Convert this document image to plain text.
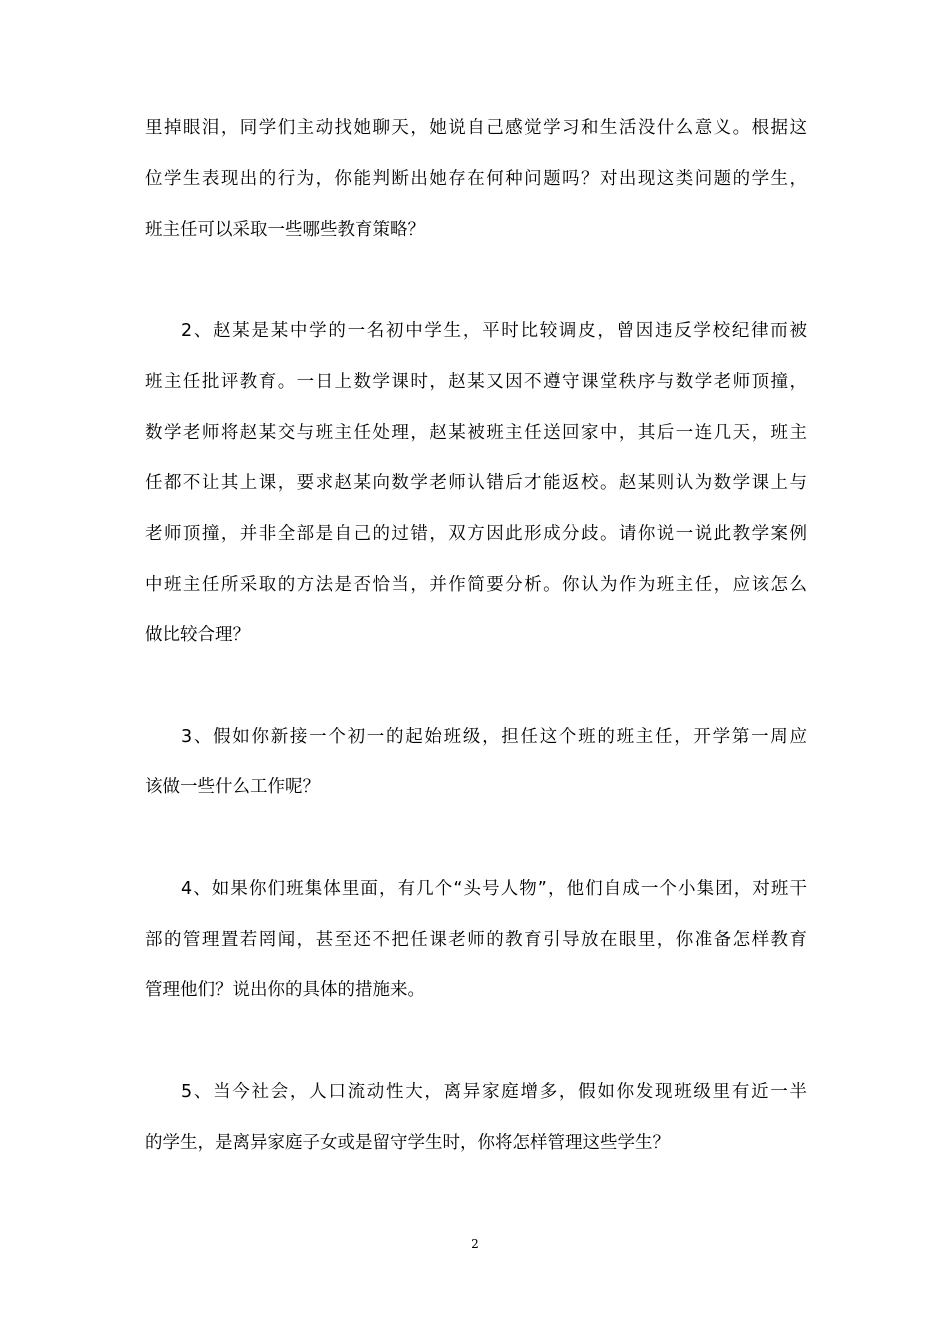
里掉眼泪，同学们主动找她聊天，她说自己感觉学习和生活没什么意义。根据这
位学生表现出的行为，你能判断出她存在何种问题吗？对出现这类问题的学生，
班主任可以采取一些哪些教育策略？
2、赵某是某中学的一名初中学生，平时比较调皮，曾因违反学校纪律而被
班主任批评教育。一日上数学课时，赵某又因不遵守课堂秩序与数学老师顶撞，
数学老师将赵某交与班主任处理，赵某被班主任送回家中，其后一连几天，班主
任都不让其上课，要求赵某向数学老师认错后才能返校。赵某则认为数学课上与
老师顶撞，并非全部是自己的过错，双方因此形成分歧。请你说一说此教学案例
中班主任所采取的方法是否恰当，并作简要分析。你认为作为班主任，应该怎么
做比较合理？
3、假如你新接一个初一的起始班级，担任这个班的班主任，开学第一周应
该做一些什么工作呢？
4、如果你们班集体里面，有几个“头号人物”，他们自成一个小集团，对班干
部的管理置若罔闻，甚至还不把任课老师的教育引导放在眼里，你准备怎样教育
管理他们？说出你的具体的措施来。
5、当今社会，人口流动性大，离异家庭增多，假如你发现班级里有近一半
的学生，是离异家庭子女或是留守学生时，你将怎样管理这些学生？
2
